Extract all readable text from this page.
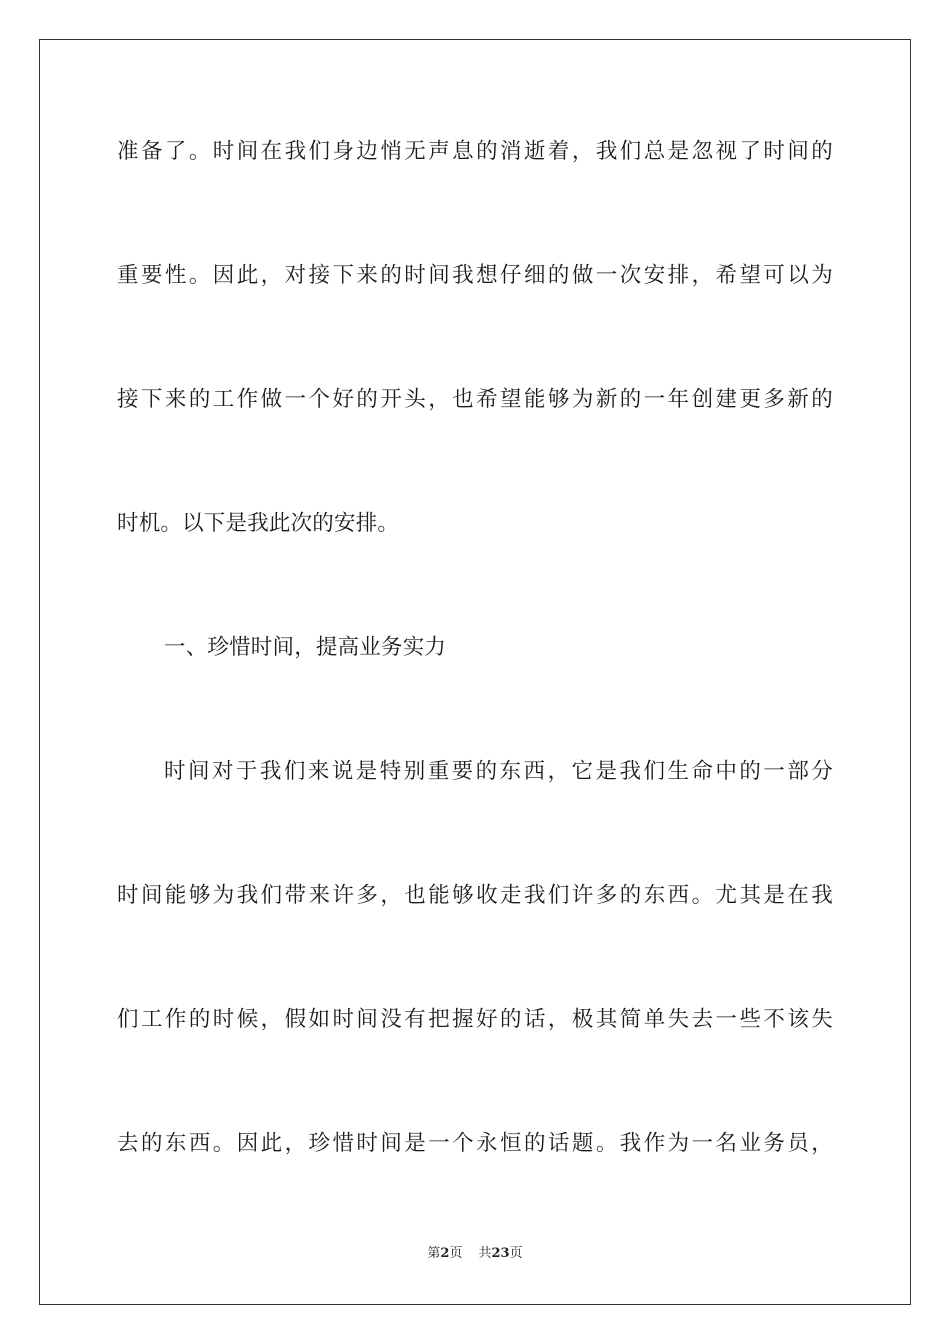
准备了。时间在我们身边悄无声息的消逝着，我们总是忽视了时间的
重要性。因此，对接下来的时间我想仔细的做一次安排，希望可以为
接下来的工作做一个好的开头，也希望能够为新的一年创建更多新的
时机。以下是我此次的安排。
一、珍惜时间，提高业务实力
时间对于我们来说是特别重要的东西，它是我们生命中的一部分
时间能够为我们带来许多，也能够收走我们许多的东西。尤其是在我
们工作的时候，假如时间没有把握好的话，极其简单失去一些不该失
去的东西。因此，珍惜时间是一个永恒的话题。我作为一名业务员，
第2页 共23页
